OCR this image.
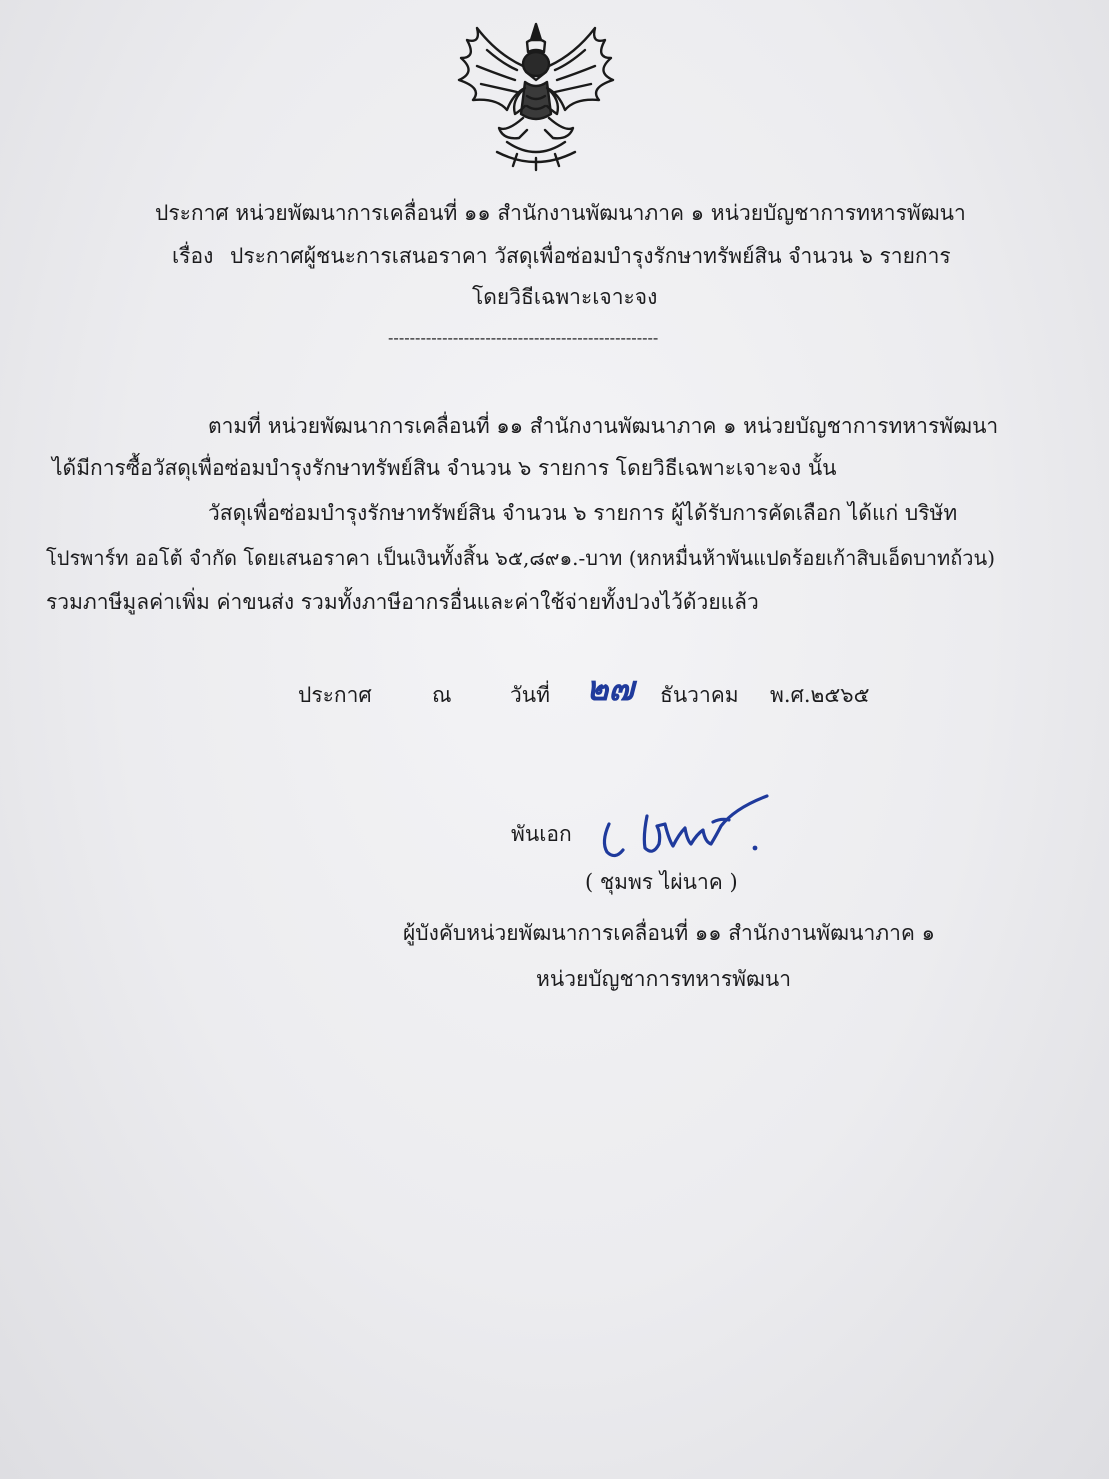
ประกาศ หน่วยพัฒนาการเคลื่อนที่ ๑๑ สำนักงานพัฒนาภาค ๑ หน่วยบัญชาการทหารพัฒนา
เรื่อง ประกาศผู้ชนะการเสนอราคา วัสดุเพื่อซ่อมบำรุงรักษาทรัพย์สิน จำนวน ๖ รายการ
โดยวิธีเฉพาะเจาะจง
--------------------------------------------------
ตามที่ หน่วยพัฒนาการเคลื่อนที่ ๑๑ สำนักงานพัฒนาภาค ๑ หน่วยบัญชาการทหารพัฒนา
ได้มีการซื้อวัสดุเพื่อซ่อมบำรุงรักษาทรัพย์สิน จำนวน ๖ รายการ โดยวิธีเฉพาะเจาะจง นั้น
วัสดุเพื่อซ่อมบำรุงรักษาทรัพย์สิน จำนวน ๖ รายการ ผู้ได้รับการคัดเลือก ได้แก่ บริษัท
โปรพาร์ท ออโต้ จำกัด โดยเสนอราคา เป็นเงินทั้งสิ้น ๖๕,๘๙๑.-บาท (หกหมื่นห้าพันแปดร้อยเก้าสิบเอ็ดบาทถ้วน)
รวมภาษีมูลค่าเพิ่ม ค่าขนส่ง รวมทั้งภาษีอากรอื่นและค่าใช้จ่ายทั้งปวงไว้ด้วยแล้ว
ประกาศ	ณ	วันที่ ๒๗ ธันวาคม พ.ศ.๒๕๖๕
พันเอก
( ชุมพร ไผ่นาค )
ผู้บังคับหน่วยพัฒนาการเคลื่อนที่ ๑๑ สำนักงานพัฒนาภาค ๑
หน่วยบัญชาการทหารพัฒนา
